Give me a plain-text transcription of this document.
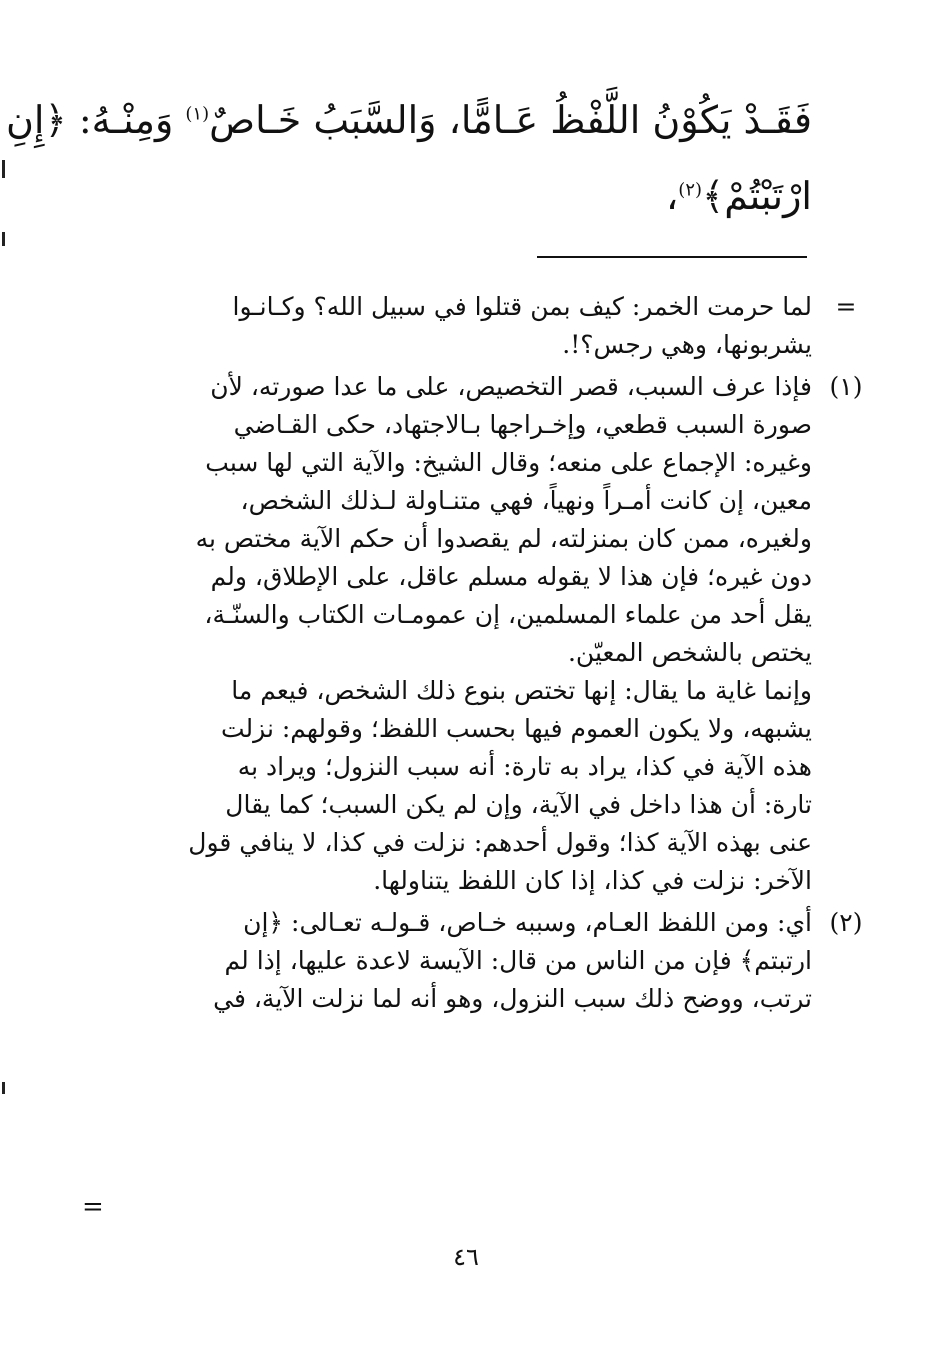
فَقَـدْ يَكُوْنُ اللَّفْظُ عَـامًّا، وَالسَّبَبُ خَـاصٌ$^{(١)}$ وَمِنْـهُ: ﴿إِنِ
ارْتَبْتُمْ﴾$^{(٢)}$،
=
لما حرمت الخمر: كيف بمن قتلوا في سبيل الله؟ وكـانـوا
يشربونها، وهي رجس؟!.
(١)

فإذا عرف السبب، قصر التخصيص، على ما عدا صورته، لأن
صورة السبب قطعي، وإخـراجها بـالاجتهاد، حكى القـاضي
وغيره: الإجماع على منعه؛ وقال الشيخ: والآية التي لها سبب
معين، إن كانت أمـراً ونهياً، فهي متنـاولة لـذلك الشخص،
ولغيره، ممن كان بمنزلته، لم يقصدوا أن حكم الآية مختص به
دون غيره؛ فإن هذا لا يقوله مسلم عاقل، على الإطلاق، ولم
يقل أحد من علماء المسلمين، إن عمومـات الكتاب والسنّـة،
يختص بالشخص المعيّن.

وإنما غاية ما يقال: إنها تختص بنوع ذلك الشخص، فيعم ما
يشبهه، ولا يكون العموم فيها بحسب اللفظ؛ وقولهم: نزلت
هذه الآية في كذا، يراد به تارة: أنه سبب النزول؛ ويراد به
تارة: أن هذا داخل في الآية، وإن لم يكن السبب؛ كما يقال
عنى بهذه الآية كذا؛ وقول أحدهم: نزلت في كذا، لا ينافي قول
الآخر: نزلت في كذا، إذا كان اللفظ يتناولها.

(٢)
أي: ومن اللفظ العـام، وسببه خـاص، قـولـه تعـالى: ﴿إن
ارتبتم﴾ فإن من الناس من قال: الآيسة لاعدة عليها، إذا لم
ترتب، ووضح ذلك سبب النزول، وهو أنه لما نزلت الآية، في
=
٤٦
